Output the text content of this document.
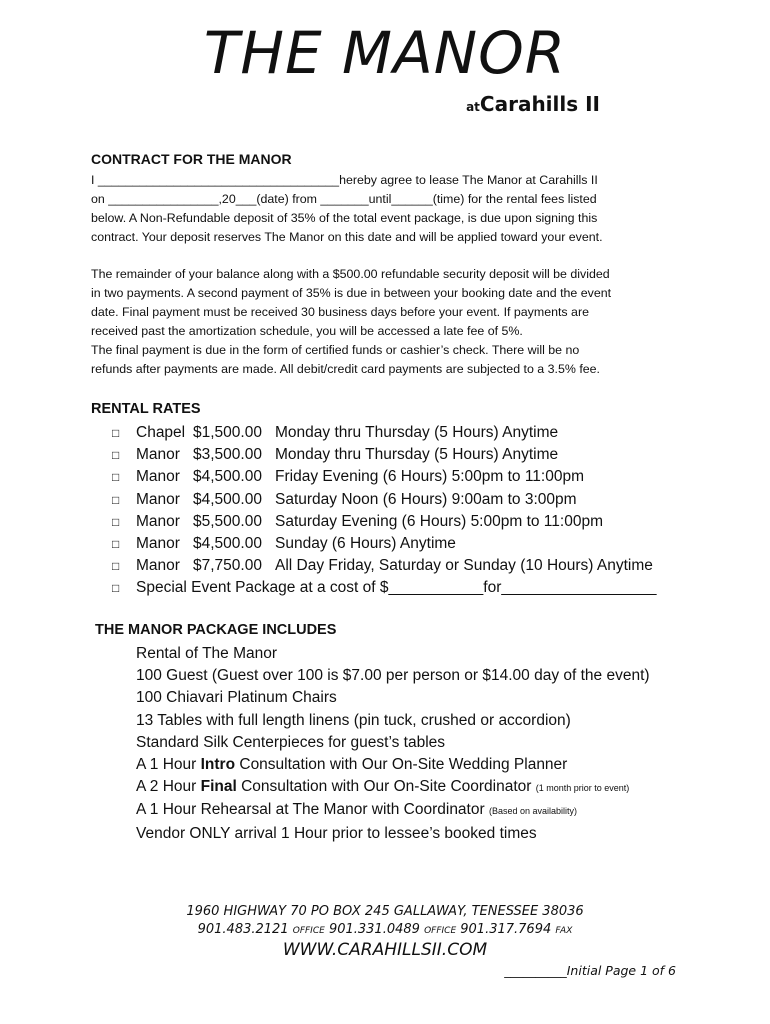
THE MANOR
atCarahills II
CONTRACT FOR THE MANOR

I ___________________________________hereby agree to lease The Manor at Carahills II

on ________________,20___(date) from _______until______(time) for the rental fees listed

below. A Non-Refundable deposit of 35% of the total event package, is due upon signing this

contract. Your deposit reserves The Manor on this date and will be applied toward your event.

The remainder of your balance along with a $500.00 refundable security deposit will be divided

in two payments. A second payment of 35% is due in between your booking date and the event

date. Final payment must be received 30 business days before your event. If payments are

received past the amortization schedule, you will be accessed a late fee of 5%.

The final payment is due in the form of certified funds or cashier’s check. There will be no

refunds after payments are made. All debit/credit card payments are subjected to a 3.5% fee.

RENTAL RATES
□	Chapel $1,500.00 Monday thru Thursday (5 Hours) Anytime
□	Manor $3,500.00 Monday thru Thursday (5 Hours) Anytime
□	Manor $4,500.00 Friday Evening (6 Hours) 5:00pm to 11:00pm
□	Manor $4,500.00 Saturday Noon (6 Hours) 9:00am to 3:00pm
□	Manor $5,500.00 Saturday Evening (6 Hours) 5:00pm to 11:00pm
□	Manor $4,500.00 Sunday (6 Hours) Anytime
□	Manor $7,750.00 All Day Friday, Saturday or Sunday (10 Hours) Anytime
□	Special Event Package at a cost of $___________for__________________
THE MANOR PACKAGE INCLUDES
Rental of The Manor
100 Guest (Guest over 100 is $7.00 per person or $14.00 day of the event)
100 Chiavari Platinum Chairs
13 Tables with full length linens (pin tuck, crushed or accordion)
Standard Silk Centerpieces for guest’s tables
A 1 Hour Intro Consultation with Our On-Site Wedding Planner
A 2 Hour Final Consultation with Our On-Site Coordinator (1 month prior to event)
A 1 Hour Rehearsal at The Manor with Coordinator (Based on availability)
Vendor ONLY arrival 1 Hour prior to lessee’s booked times
1960 HIGHWAY 70 PO BOX 245 GALLAWAY, TENESSEE 38036
901.483.2121 OFFICE 901.331.0489 OFFICE 901.317.7694 FAX
WWW.CARAHILLSII.COM
__________Initial Page 1 of 6
